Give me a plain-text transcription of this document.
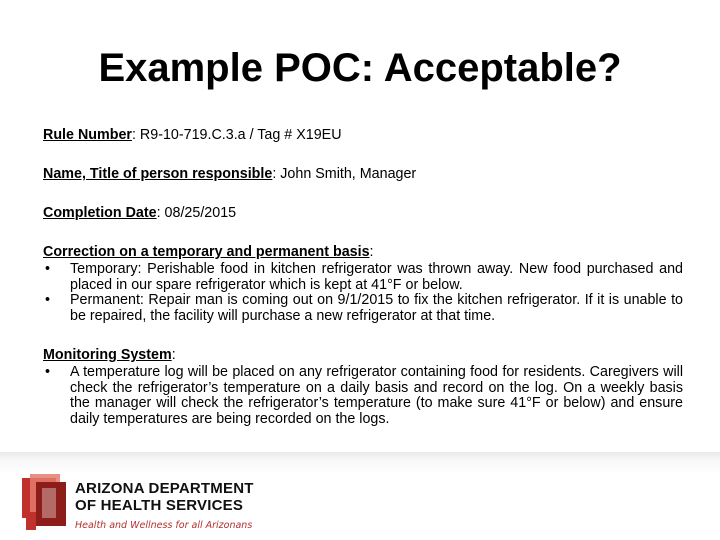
Example POC: Acceptable?
Rule Number: R9-10-719.C.3.a / Tag # X19EU
Name, Title of person responsible: John Smith, Manager
Completion Date: 08/25/2015
Correction on a temporary and permanent basis:
• Temporary: Perishable food in kitchen refrigerator was thrown away. New food purchased and placed in our spare refrigerator which is kept at 41°F or below.
• Permanent: Repair man is coming out on 9/1/2015 to fix the kitchen refrigerator. If it is unable to be repaired, the facility will purchase a new refrigerator at that time.
Monitoring System:
• A temperature log will be placed on any refrigerator containing food for residents. Caregivers will check the refrigerator’s temperature on a daily basis and record on the log. On a weekly basis the manager will check the refrigerator’s temperature (to make sure 41°F or below) and ensure daily temperatures are being recorded on the logs.
ARIZONA DEPARTMENT
OF HEALTH SERVICES
Health and Wellness for all Arizonans
